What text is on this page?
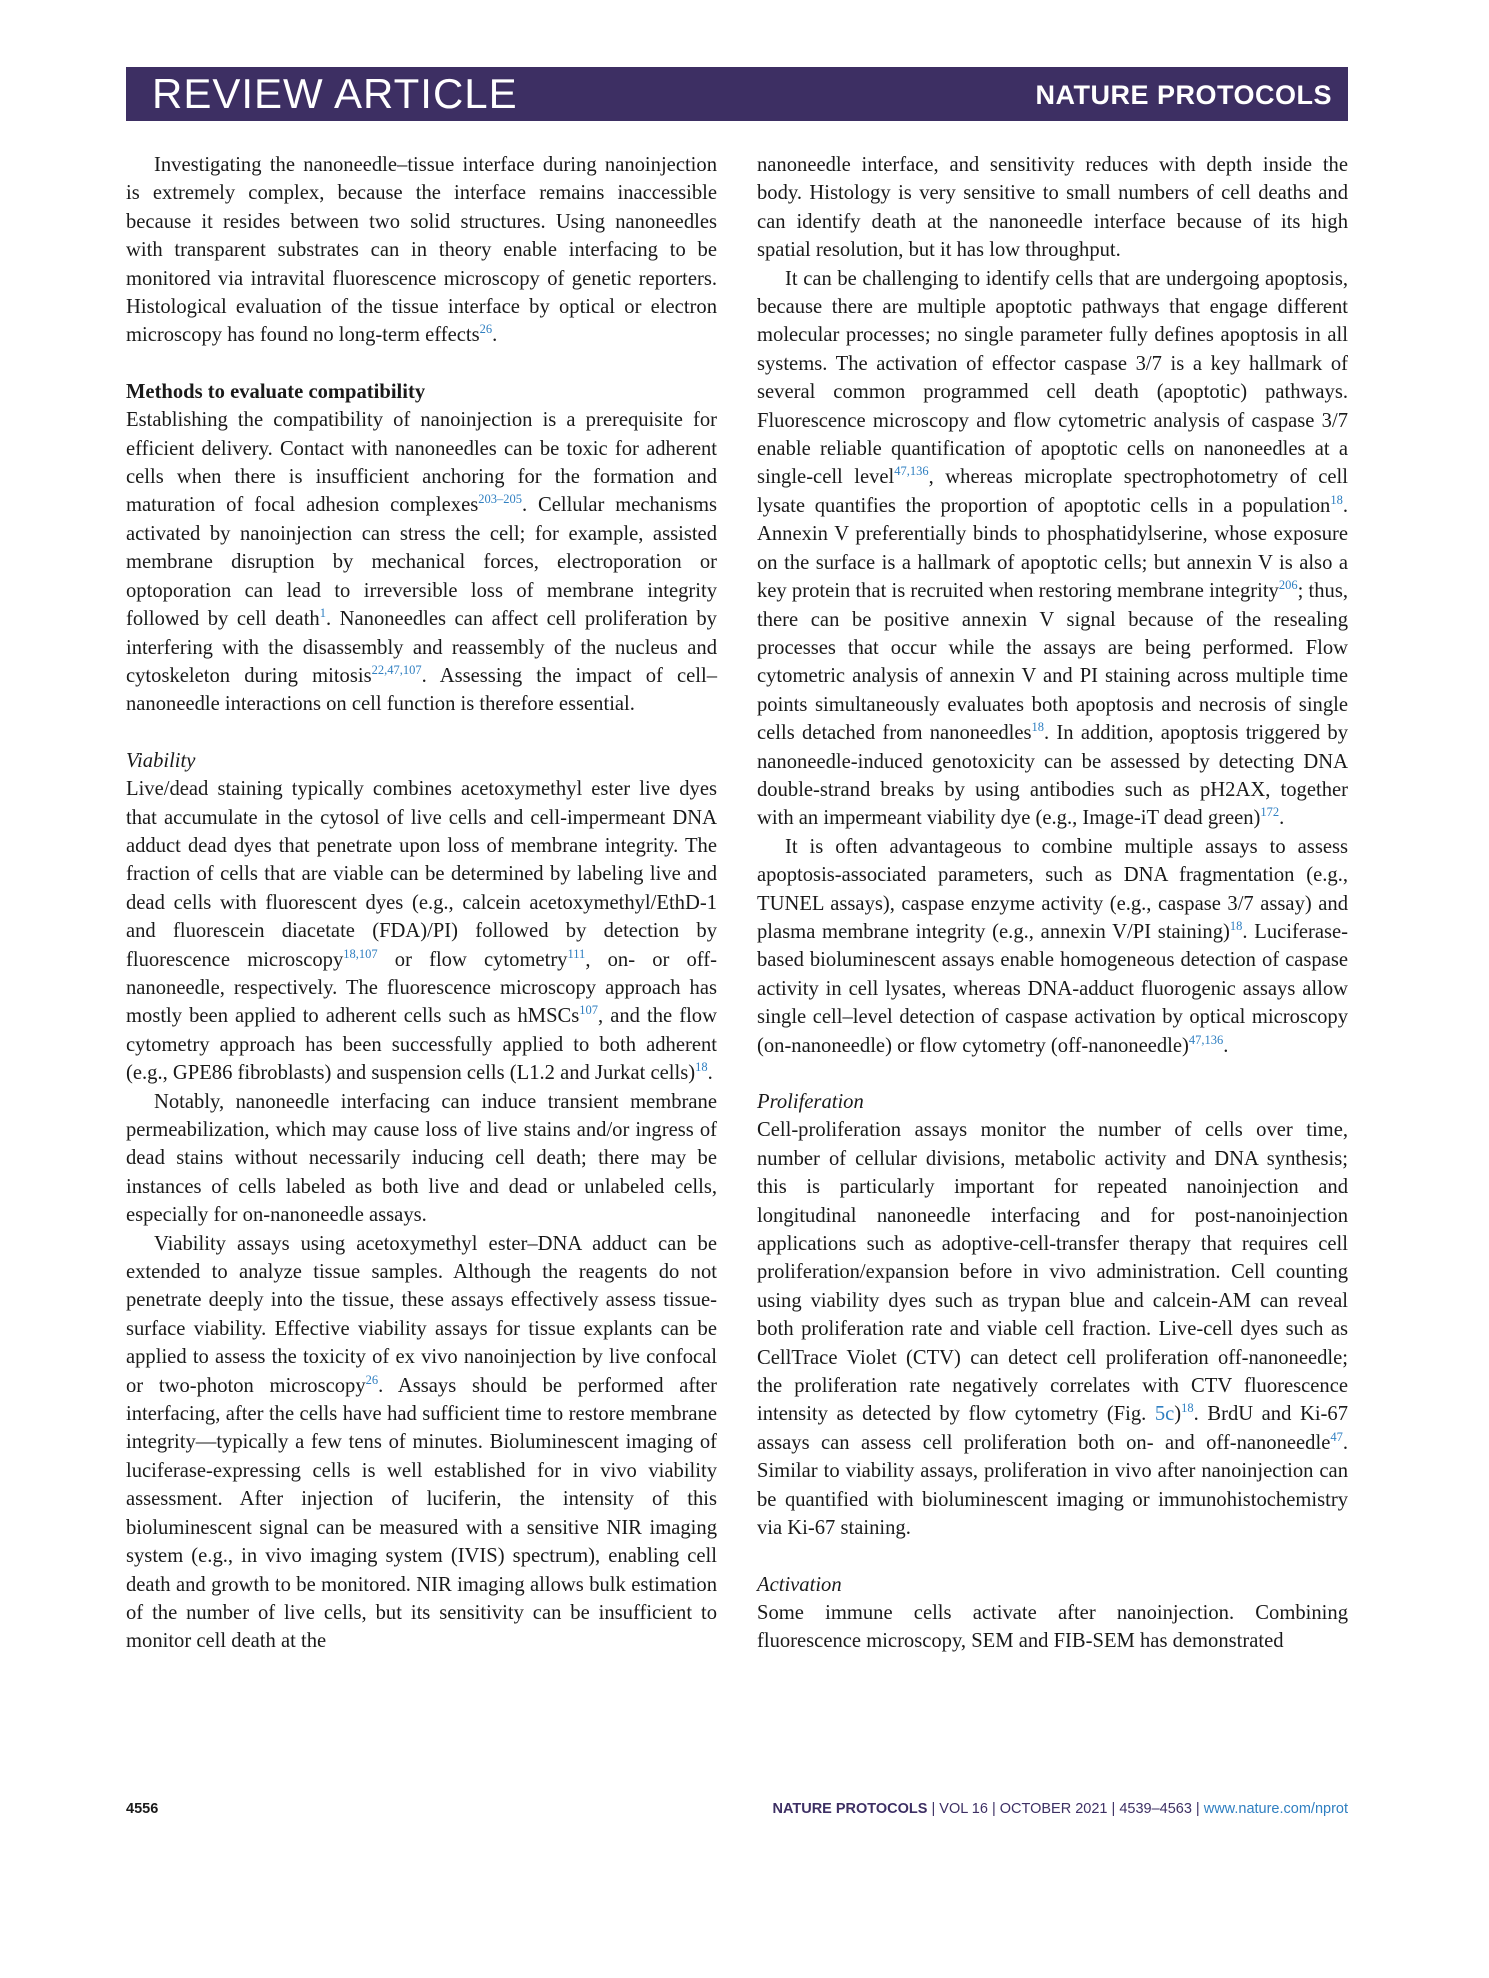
REVIEW ARTICLE	NATURE PROTOCOLS

Investigating the nanoneedle–tissue interface during nanoinjection is extremely complex, because the interface remains inaccessible because it resides between two solid structures. Using nanoneedles with transparent substrates can in theory enable interfacing to be monitored via intravital fluorescence microscopy of genetic reporters. Histological evaluation of the tissue interface by optical or electron microscopy has found no long-term effects$^{26}$.

Methods to evaluate compatibility

Establishing the compatibility of nanoinjection is a prerequisite for efficient delivery. Contact with nanoneedles can be toxic for adherent cells when there is insufficient anchoring for the formation and maturation of focal adhesion complexes$^{203-205}$. Cellular mechanisms activated by nanoinjection can stress the cell; for example, assisted membrane disruption by mechanical forces, electroporation or optoporation can lead to irreversible loss of membrane integrity followed by cell death$^1$. Nanoneedles can affect cell proliferation by interfering with the disassembly and reassembly of the nucleus and cytoskeleton during mitosis$^{22,47,107}$. Assessing the impact of cell–nanoneedle interactions on cell function is therefore essential.

Viability

Live/dead staining typically combines acetoxymethyl ester live dyes that accumulate in the cytosol of live cells and cell-impermeant DNA adduct dead dyes that penetrate upon loss of membrane integrity. The fraction of cells that are viable can be determined by labeling live and dead cells with fluorescent dyes (e.g., calcein acetoxymethyl/EthD-1 and fluorescein diacetate (FDA)/PI) followed by detection by fluorescence microscopy$^{18,107}$ or flow cytometry$^{111}$, on- or off-nanoneedle, respectively. The fluorescence microscopy approach has mostly been applied to adherent cells such as hMSCs$^{107}$, and the flow cytometry approach has been successfully applied to both adherent (e.g., GPE86 fibroblasts) and suspension cells (L1.2 and Jurkat cells)$^{18}$.

Notably, nanoneedle interfacing can induce transient membrane permeabilization, which may cause loss of live stains and/or ingress of dead stains without necessarily inducing cell death; there may be instances of cells labeled as both live and dead or unlabeled cells, especially for on-nanoneedle assays.

Viability assays using acetoxymethyl ester–DNA adduct can be extended to analyze tissue samples. Although the reagents do not penetrate deeply into the tissue, these assays effectively assess tissue-surface viability. Effective viability assays for tissue explants can be applied to assess the toxicity of ex vivo nanoinjection by live confocal or two-photon microscopy$^{26}$. Assays should be performed after interfacing, after the cells have had sufficient time to restore membrane integrity—typically a few tens of minutes. Bioluminescent imaging of luciferase-expressing cells is well established for in vivo viability assessment. After injection of luciferin, the intensity of this bioluminescent signal can be measured with a sensitive NIR imaging system (e.g., in vivo imaging system (IVIS) spectrum), enabling cell death and growth to be monitored. NIR imaging allows bulk estimation of the number of live cells, but its sensitivity can be insufficient to monitor cell death at the

nanoneedle interface, and sensitivity reduces with depth inside the body. Histology is very sensitive to small numbers of cell deaths and can identify death at the nanoneedle interface because of its high spatial resolution, but it has low throughput.

It can be challenging to identify cells that are undergoing apoptosis, because there are multiple apoptotic pathways that engage different molecular processes; no single parameter fully defines apoptosis in all systems. The activation of effector caspase 3/7 is a key hallmark of several common programmed cell death (apoptotic) pathways. Fluorescence microscopy and flow cytometric analysis of caspase 3/7 enable reliable quantification of apoptotic cells on nanoneedles at a single-cell level$^{47,136}$, whereas microplate spectrophotometry of cell lysate quantifies the proportion of apoptotic cells in a population$^{18}$. Annexin V preferentially binds to phosphatidylserine, whose exposure on the surface is a hallmark of apoptotic cells; but annexin V is also a key protein that is recruited when restoring membrane integrity$^{206}$; thus, there can be positive annexin V signal because of the resealing processes that occur while the assays are being performed. Flow cytometric analysis of annexin V and PI staining across multiple time points simultaneously evaluates both apoptosis and necrosis of single cells detached from nanoneedles$^{18}$. In addition, apoptosis triggered by nanoneedle-induced genotoxicity can be assessed by detecting DNA double-strand breaks by using antibodies such as pH2AX, together with an impermeant viability dye (e.g., Image-iT dead green)$^{172}$.

It is often advantageous to combine multiple assays to assess apoptosis-associated parameters, such as DNA fragmentation (e.g., TUNEL assays), caspase enzyme activity (e.g., caspase 3/7 assay) and plasma membrane integrity (e.g., annexin V/PI staining)$^{18}$. Luciferase-based bioluminescent assays enable homogeneous detection of caspase activity in cell lysates, whereas DNA-adduct fluorogenic assays allow single cell–level detection of caspase activation by optical microscopy (on-nanoneedle) or flow cytometry (off-nanoneedle)$^{47,136}$.

Proliferation

Cell-proliferation assays monitor the number of cells over time, number of cellular divisions, metabolic activity and DNA synthesis; this is particularly important for repeated nanoinjection and longitudinal nanoneedle interfacing and for post-nanoinjection applications such as adoptive-cell-transfer therapy that requires cell proliferation/expansion before in vivo administration. Cell counting using viability dyes such as trypan blue and calcein-AM can reveal both proliferation rate and viable cell fraction. Live-cell dyes such as CellTrace Violet (CTV) can detect cell proliferation off-nanoneedle; the proliferation rate negatively correlates with CTV fluorescence intensity as detected by flow cytometry (Fig. 5c)$^{18}$. BrdU and Ki-67 assays can assess cell proliferation both on- and off-nanoneedle$^{47}$. Similar to viability assays, proliferation in vivo after nanoinjection can be quantified with bioluminescent imaging or immunohistochemistry via Ki-67 staining.

Activation

Some immune cells activate after nanoinjection. Combining fluorescence microscopy, SEM and FIB-SEM has demonstrated

4556	NATURE PROTOCOLS | VOL 16 | OCTOBER 2021 | 4539–4563 | www.nature.com/nprot
